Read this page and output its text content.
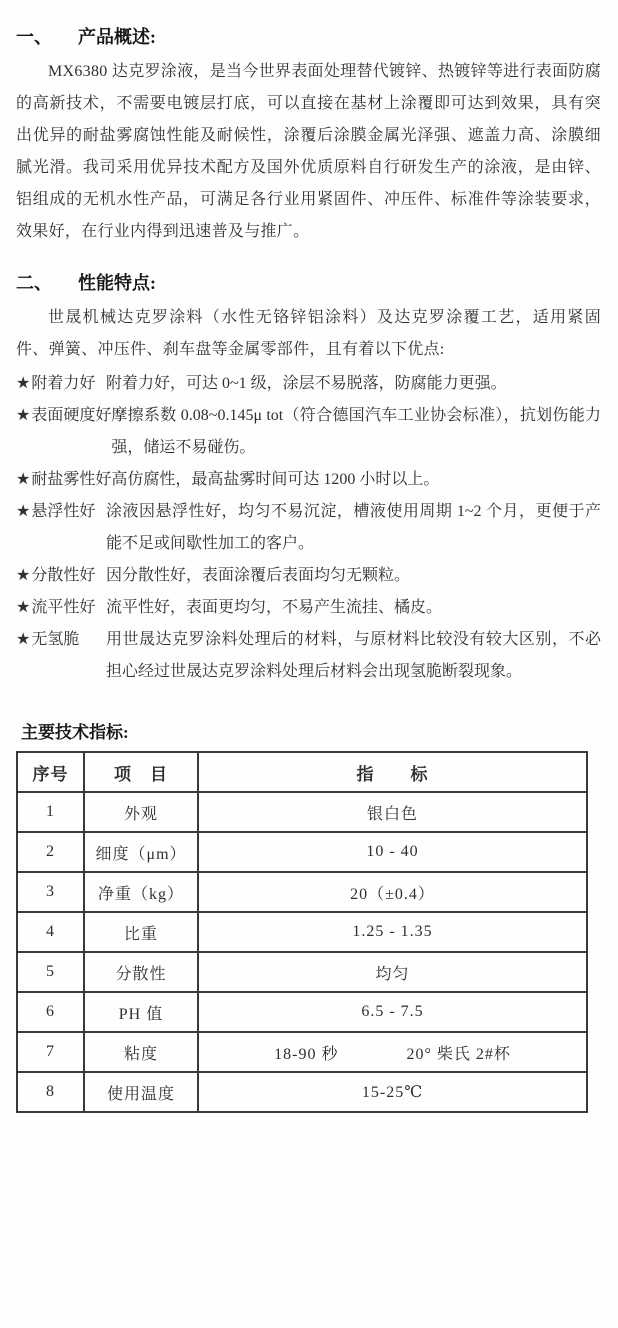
一、 产品概述:

MX6380 达克罗涂液，是当今世界表面处理替代镀锌、热镀锌等进行表面防腐的高新技术，不需要电镀层打底，可以直接在基材上涂覆即可达到效果，具有突出优异的耐盐雾腐蚀性能及耐候性，涂覆后涂膜金属光泽强、遮盖力高、涂膜细腻光滑。我司采用优异技术配方及国外优质原料自行研发生产的涂液，是由锌、铝组成的无机水性产品，可满足各行业用紧固件、冲压件、标准件等涂装要求，效果好，在行业内得到迅速普及与推广。

二、 性能特点:

世晟机械达克罗涂料（水性无铬锌铝涂料）及达克罗涂覆工艺，适用紧固件、弹簧、冲压件、刹车盘等金属零部件，且有着以下优点:

★附着力好 附着力好，可达 0~1 级，涂层不易脱落，防腐能力更强。
★表面硬度好 摩擦系数 0.08~0.145μ tot（符合德国汽车工业协会标准），抗划伤能力强，储运不易碰伤。
★耐盐雾性好 高仿腐性，最高盐雾时间可达 1200 小时以上。
★悬浮性好 涂液因悬浮性好，均匀不易沉淀，槽液使用周期 1~2 个月，更便于产能不足或间歇性加工的客户。
★分散性好 因分散性好，表面涂覆后表面均匀无颗粒。
★流平性好 流平性好，表面更均匀，不易产生流挂、橘皮。
★无氢脆	用世晟达克罗涂料处理后的材料，与原材料比较没有较大区别，不必担心经过世晟达克罗涂料处理后材料会出现氢脆断裂现象。
主要技术指标:
序号	项　目	指　　标
1	外观	银白色
2	细度（μm）	10 - 40
3	净重（kg）	20（±0.4）
4	比重	1.25 - 1.35
5	分散性	均匀
6	PH 值	6.5 - 7.5
7	粘度	18-90 秒　　　　20° 柴氏 2#杯
8	使用温度	15-25℃
